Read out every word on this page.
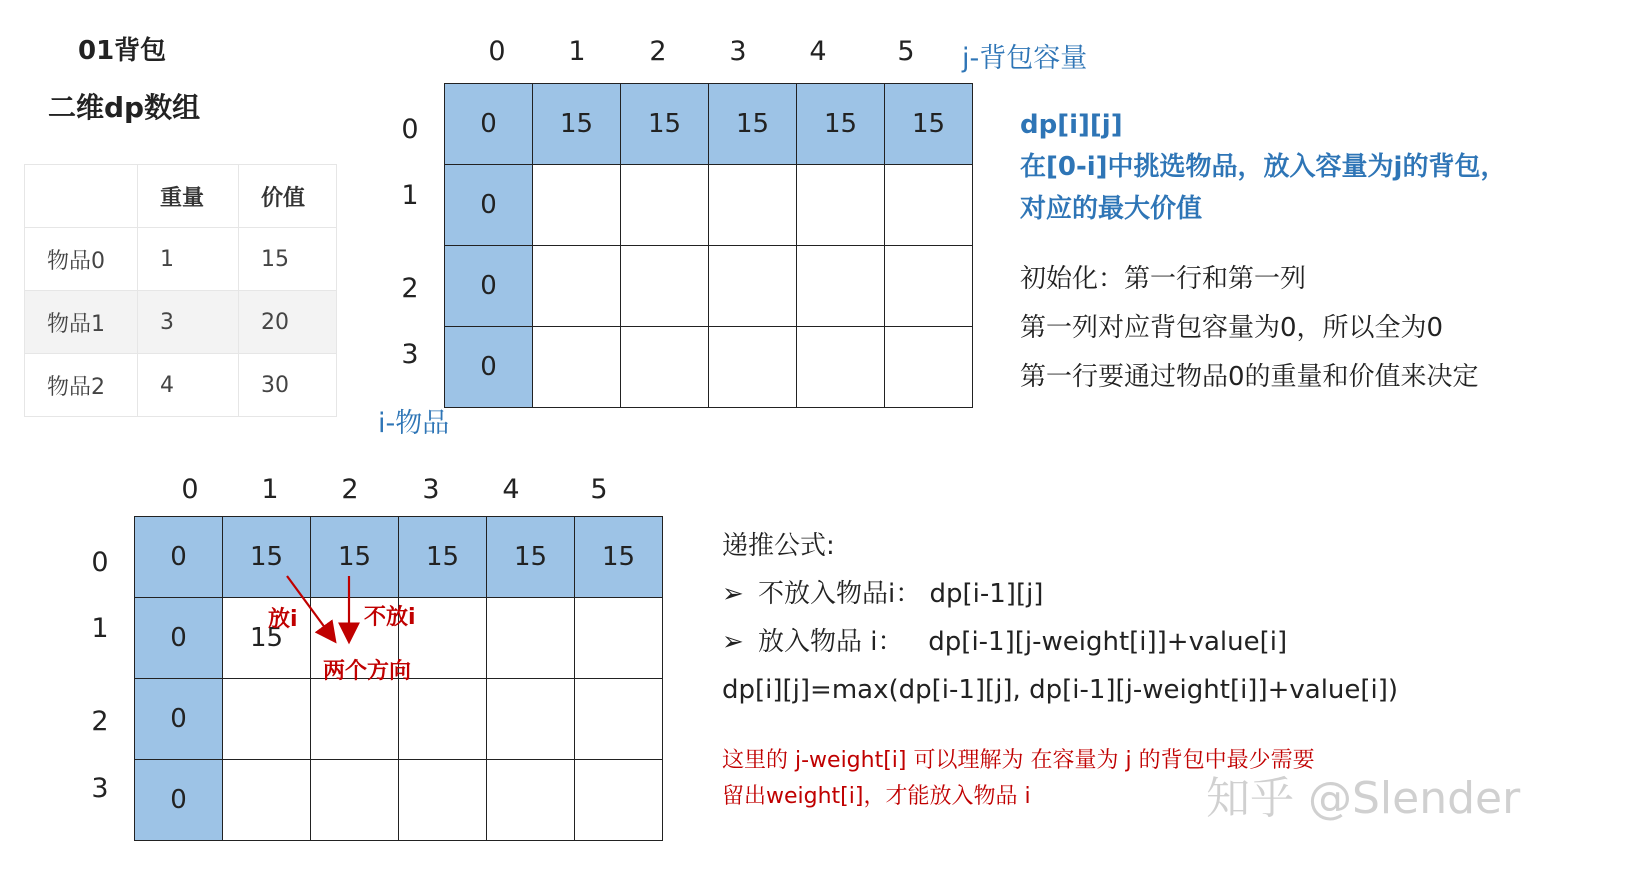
01背包
二维dp数组
	重量	价值
物品0	1	15
物品1	3	20
物品2	4	30
0	1	2	3	4	5	j-背包容量
0
1
2
3
i-物品
0	15	15	15	15	15
0					
0					
0					
dp[i][j]
在[0-i]中挑选物品，放入容量为j的背包，
对应的最大价值
初始化：第一行和第一列
第一列对应背包容量为0，所以全为0
第一行要通过物品0的重量和价值来决定
0	1	2	3	4	5
0
1
2
3
0	15	15	15	15	15
0	15				
0					
0					
放i	不放i
两个方向
递推公式:
➢ 不放入物品i： dp[i-1][j]
➢ 放入物品 i： dp[i-1][j-weight[i]]+value[i]
dp[i][j]=max(dp[i-1][j], dp[i-1][j-weight[i]]+value[i])
这里的 j-weight[i] 可以理解为 在容量为 j 的背包中最少需要
留出weight[i]，才能放入物品 i	知乎 @Slender
